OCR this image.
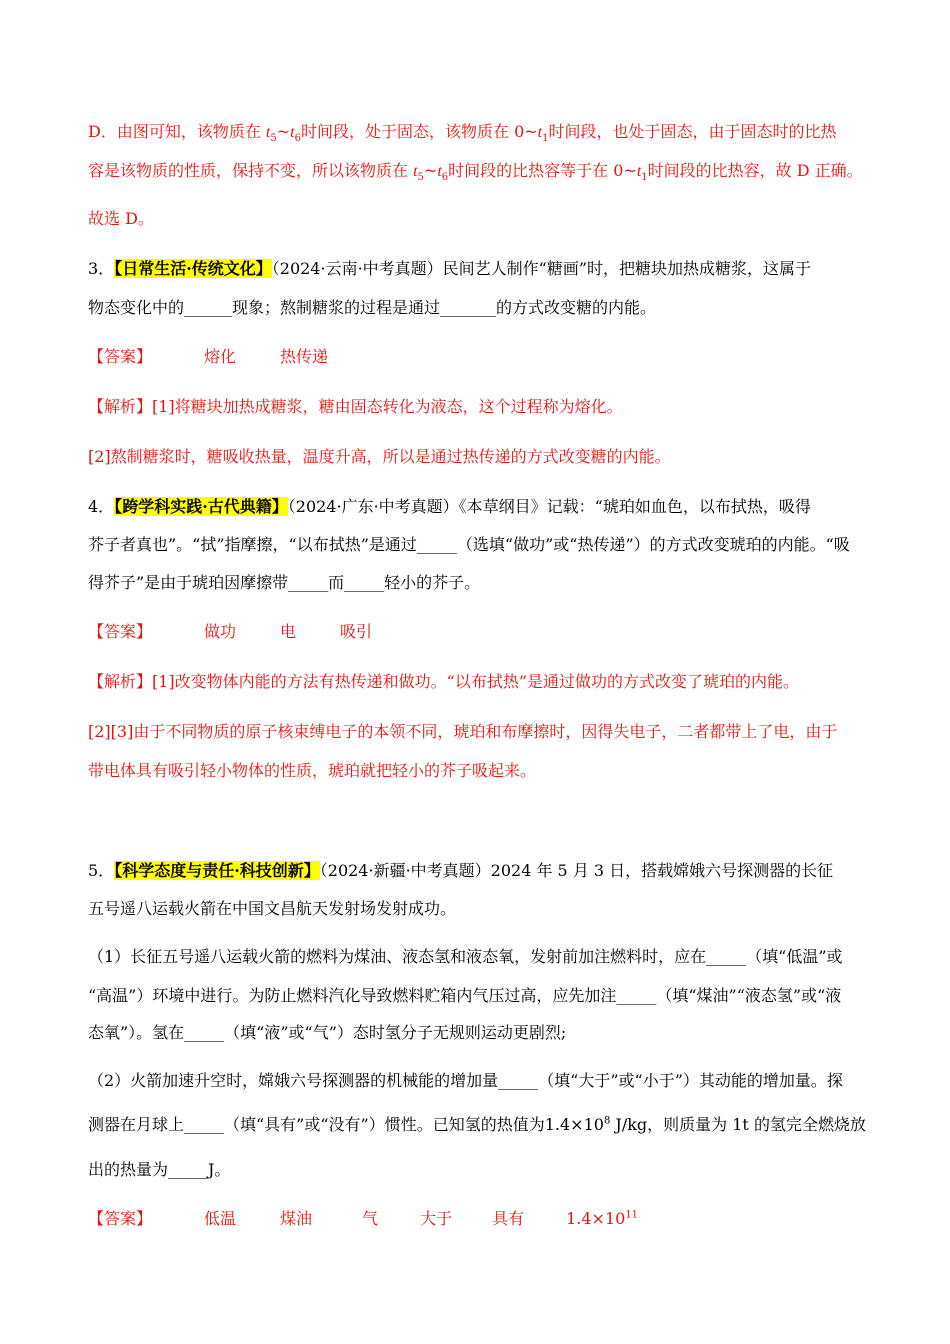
D．由图可知，该物质在 $t_5\sim t_6$时间段，处于固态，该物质在 $0\sim t_1$时间段，也处于固态，由于固态时的比热
容是该物质的性质，保持不变，所以该物质在 $t_5\sim t_6$时间段的比热容等于在 $0\sim t_1$时间段的比热容，故 D 正确。
故选 D。
3．【日常生活·传统文化】（2024·云南·中考真题）民间艺人制作“糖画”时，把糖块加热成糖浆，这属于
物态变化中的______现象；熬制糖浆的过程是通过_______的方式改变糖的内能。
【答案】	熔化	热传递
【解析】[1]将糖块加热成糖浆，糖由固态转化为液态，这个过程称为熔化。
[2]熬制糖浆时，糖吸收热量，温度升高，所以是通过热传递的方式改变糖的内能。
4．【跨学科实践·古代典籍】（2024·广东·中考真题）《本草纲目》记载：“琥珀如血色，以布拭热，吸得
芥子者真也”。“拭”指摩擦，“以布拭热”是通过_____（选填“做功”或“热传递”）的方式改变琥珀的内能。“吸
得芥子”是由于琥珀因摩擦带_____而_____轻小的芥子。
【答案】	做功	电	吸引
【解析】[1]改变物体内能的方法有热传递和做功。“以布拭热”是通过做功的方式改变了琥珀的内能。
[2][3]由于不同物质的原子核束缚电子的本领不同，琥珀和布摩擦时，因得失电子，二者都带上了电，由于
带电体具有吸引轻小物体的性质，琥珀就把轻小的芥子吸起来。
5．【科学态度与责任·科技创新】（2024·新疆·中考真题）2024 年 5 月 3 日，搭载嫦娥六号探测器的长征
五号遥八运载火箭在中国文昌航天发射场发射成功。
（1）长征五号遥八运载火箭的燃料为煤油、液态氢和液态氧，发射前加注燃料时，应在_____（填“低温”或
“高温”）环境中进行。为防止燃料汽化导致燃料贮箱内气压过高，应先加注_____（填“煤油”“液态氢”或“液
态氧”）。氢在_____（填“液”或“气”）态时氢分子无规则运动更剧烈;
（2）火箭加速升空时，嫦娥六号探测器的机械能的增加量_____（填“大于”或“小于”）其动能的增加量。探
测器在月球上_____（填“具有”或“没有”）惯性。已知氢的热值为$1.4\times 10^8$ J/kg，则质量为 1t 的氢完全燃烧放
出的热量为_____J。
【答案】	低温	煤油	气	大于	具有	$1.4\times 10^{11}$
